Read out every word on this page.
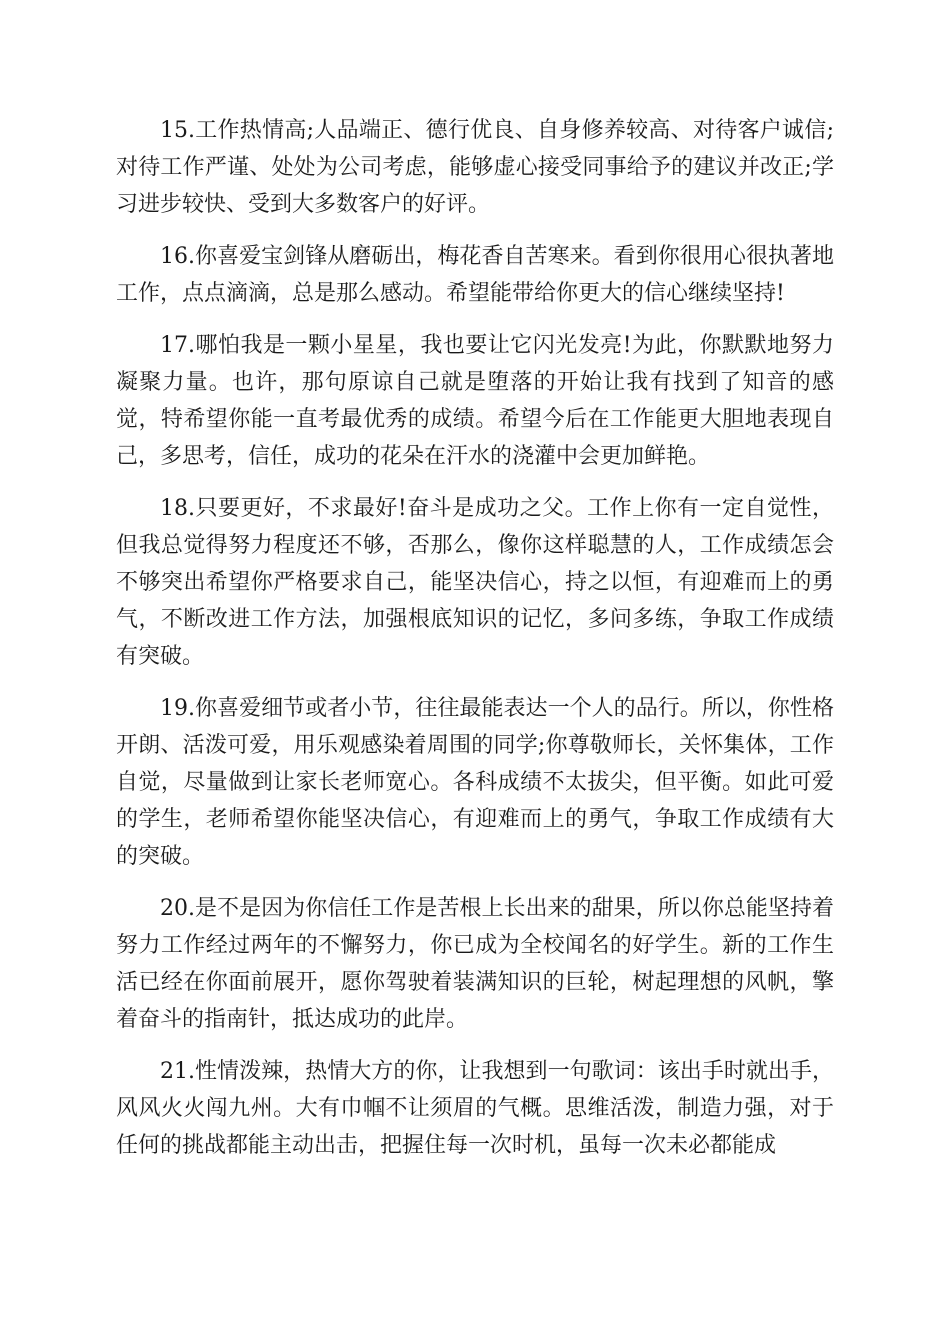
15.工作热情高;人品端正、德行优良、自身修养较高、对待客户诚信;对待工作严谨、处处为公司考虑，能够虚心接受同事给予的建议并改正;学习进步较快、受到大多数客户的好评。

16.你喜爱宝剑锋从磨砺出，梅花香自苦寒来。看到你很用心很执著地工作，点点滴滴，总是那么感动。希望能带给你更大的信心继续坚持!

17.哪怕我是一颗小星星，我也要让它闪光发亮!为此，你默默地努力凝聚力量。也许，那句原谅自己就是堕落的开始让我有找到了知音的感觉，特希望你能一直考最优秀的成绩。希望今后在工作能更大胆地表现自己，多思考，信任，成功的花朵在汗水的浇灌中会更加鲜艳。

18.只要更好，不求最好!奋斗是成功之父。工作上你有一定自觉性，但我总觉得努力程度还不够，否那么，像你这样聪慧的人，工作成绩怎会不够突出希望你严格要求自己，能坚决信心，持之以恒，有迎难而上的勇气，不断改进工作方法，加强根底知识的记忆，多问多练，争取工作成绩有突破。

19.你喜爱细节或者小节，往往最能表达一个人的品行。所以，你性格开朗、活泼可爱，用乐观感染着周围的同学;你尊敬师长，关怀集体，工作自觉，尽量做到让家长老师宽心。各科成绩不太拔尖，但平衡。如此可爱的学生，老师希望你能坚决信心，有迎难而上的勇气，争取工作成绩有大的突破。

20.是不是因为你信任工作是苦根上长出来的甜果，所以你总能坚持着努力工作经过两年的不懈努力，你已成为全校闻名的好学生。新的工作生活已经在你面前展开，愿你驾驶着装满知识的巨轮，树起理想的风帆，擎着奋斗的指南针，抵达成功的此岸。

21.性情泼辣，热情大方的你，让我想到一句歌词：该出手时就出手，风风火火闯九州。大有巾帼不让须眉的气概。思维活泼，制造力强，对于任何的挑战都能主动出击，把握住每一次时机，虽每一次未必都能成
